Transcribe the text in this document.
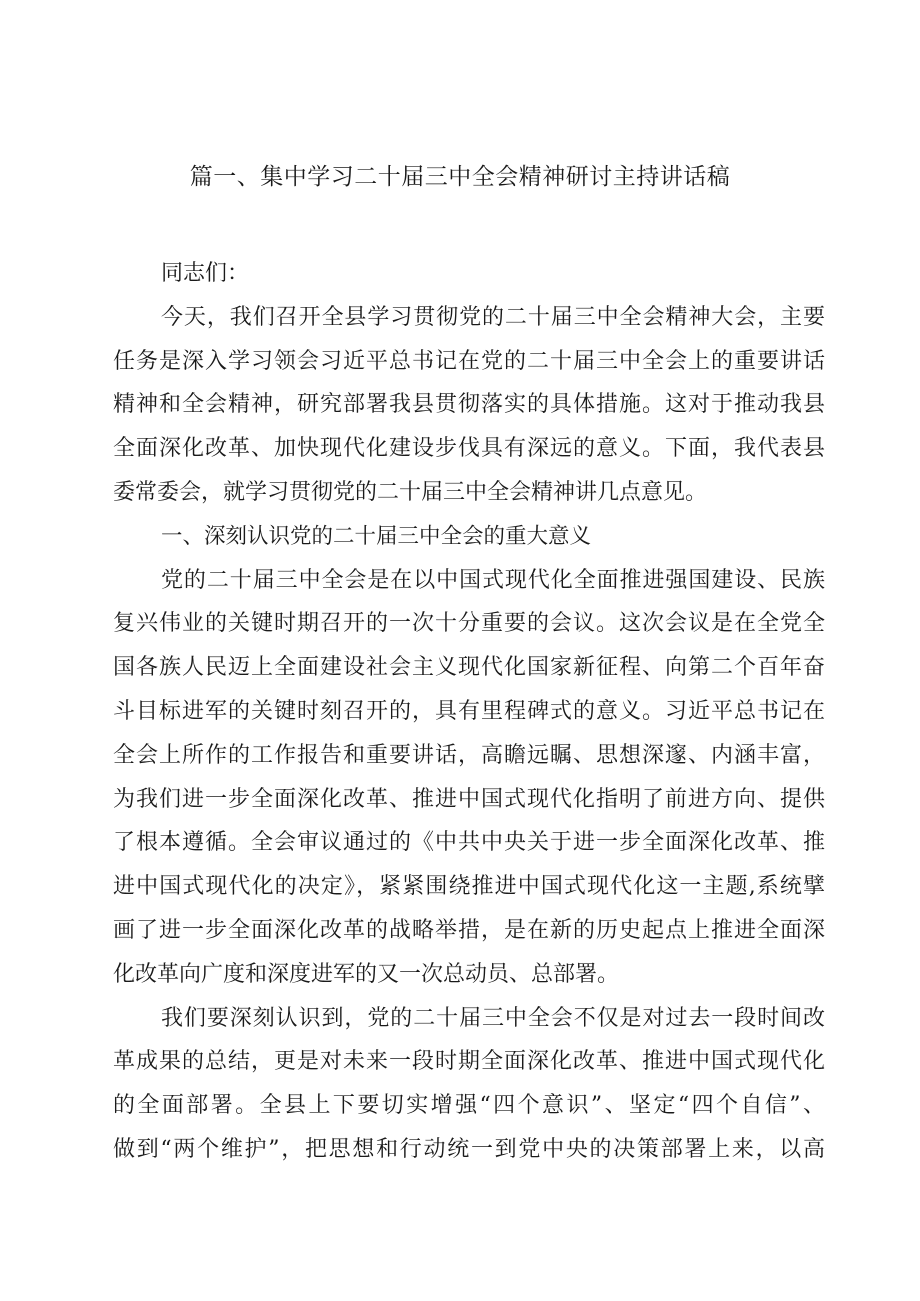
篇一、集中学习二十届三中全会精神研讨主持讲话稿
同志们：
今天，我们召开全县学习贯彻党的二十届三中全会精神大会，主要
任务是深入学习领会习近平总书记在党的二十届三中全会上的重要讲话
精神和全会精神，研究部署我县贯彻落实的具体措施。这对于推动我县
全面深化改革、加快现代化建设步伐具有深远的意义。下面，我代表县
委常委会，就学习贯彻党的二十届三中全会精神讲几点意见。
一、深刻认识党的二十届三中全会的重大意义
党的二十届三中全会是在以中国式现代化全面推进强国建设、民族
复兴伟业的关键时期召开的一次十分重要的会议。这次会议是在全党全
国各族人民迈上全面建设社会主义现代化国家新征程、向第二个百年奋
斗目标进军的关键时刻召开的，具有里程碑式的意义。习近平总书记在
全会上所作的工作报告和重要讲话，高瞻远瞩、思想深邃、内涵丰富，
为我们进一步全面深化改革、推进中国式现代化指明了前进方向、提供
了根本遵循。全会审议通过的《中共中央关于进一步全面深化改革、推
进中国式现代化的决定》，紧紧围绕推进中国式现代化这一主题,系统擘
画了进一步全面深化改革的战略举措，是在新的历史起点上推进全面深
化改革向广度和深度进军的又一次总动员、总部署。
我们要深刻认识到，党的二十届三中全会不仅是对过去一段时间改
革成果的总结，更是对未来一段时期全面深化改革、推进中国式现代化
的全面部署。全县上下要切实增强“四个意识”、坚定“四个自信”、
做到“两个维护”，把思想和行动统一到党中央的决策部署上来，以高
